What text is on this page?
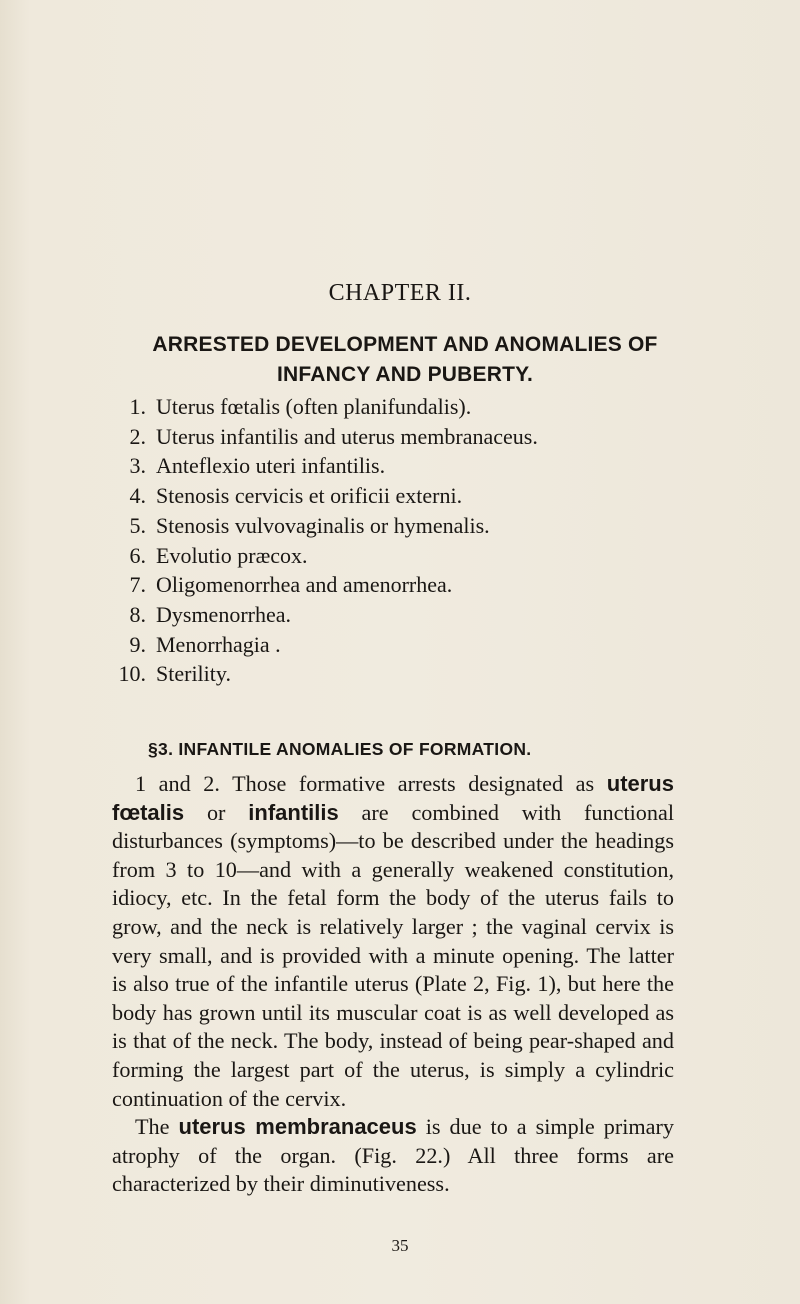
CHAPTER II.
ARRESTED DEVELOPMENT AND ANOMALIES OF INFANCY AND PUBERTY.
1. Uterus fœtalis (often planifundalis).
2. Uterus infantilis and uterus membranaceus.
3. Anteflexio uteri infantilis.
4. Stenosis cervicis et orificii externi.
5. Stenosis vulvovaginalis or hymenalis.
6. Evolutio præcox.
7. Oligomenorrhea and amenorrhea.
8. Dysmenorrhea.
9. Menorrhagia .
10. Sterility.
§3. INFANTILE ANOMALIES OF FORMATION.

1 and 2. Those formative arrests designated as uterus fœtalis or infantilis are combined with functional disturbances (symptoms)—to be described under the headings from 3 to 10—and with a generally weakened constitution, idiocy, etc. In the fetal form the body of the uterus fails to grow, and the neck is relatively larger ; the vaginal cervix is very small, and is provided with a minute opening. The latter is also true of the infantile uterus (Plate 2, Fig. 1), but here the body has grown until its muscular coat is as well developed as is that of the neck. The body, instead of being pear-shaped and forming the largest part of the uterus, is simply a cylindric continuation of the cervix.

The uterus membranaceus is due to a simple primary atrophy of the organ. (Fig. 22.) All three forms are characterized by their diminutiveness.

35
